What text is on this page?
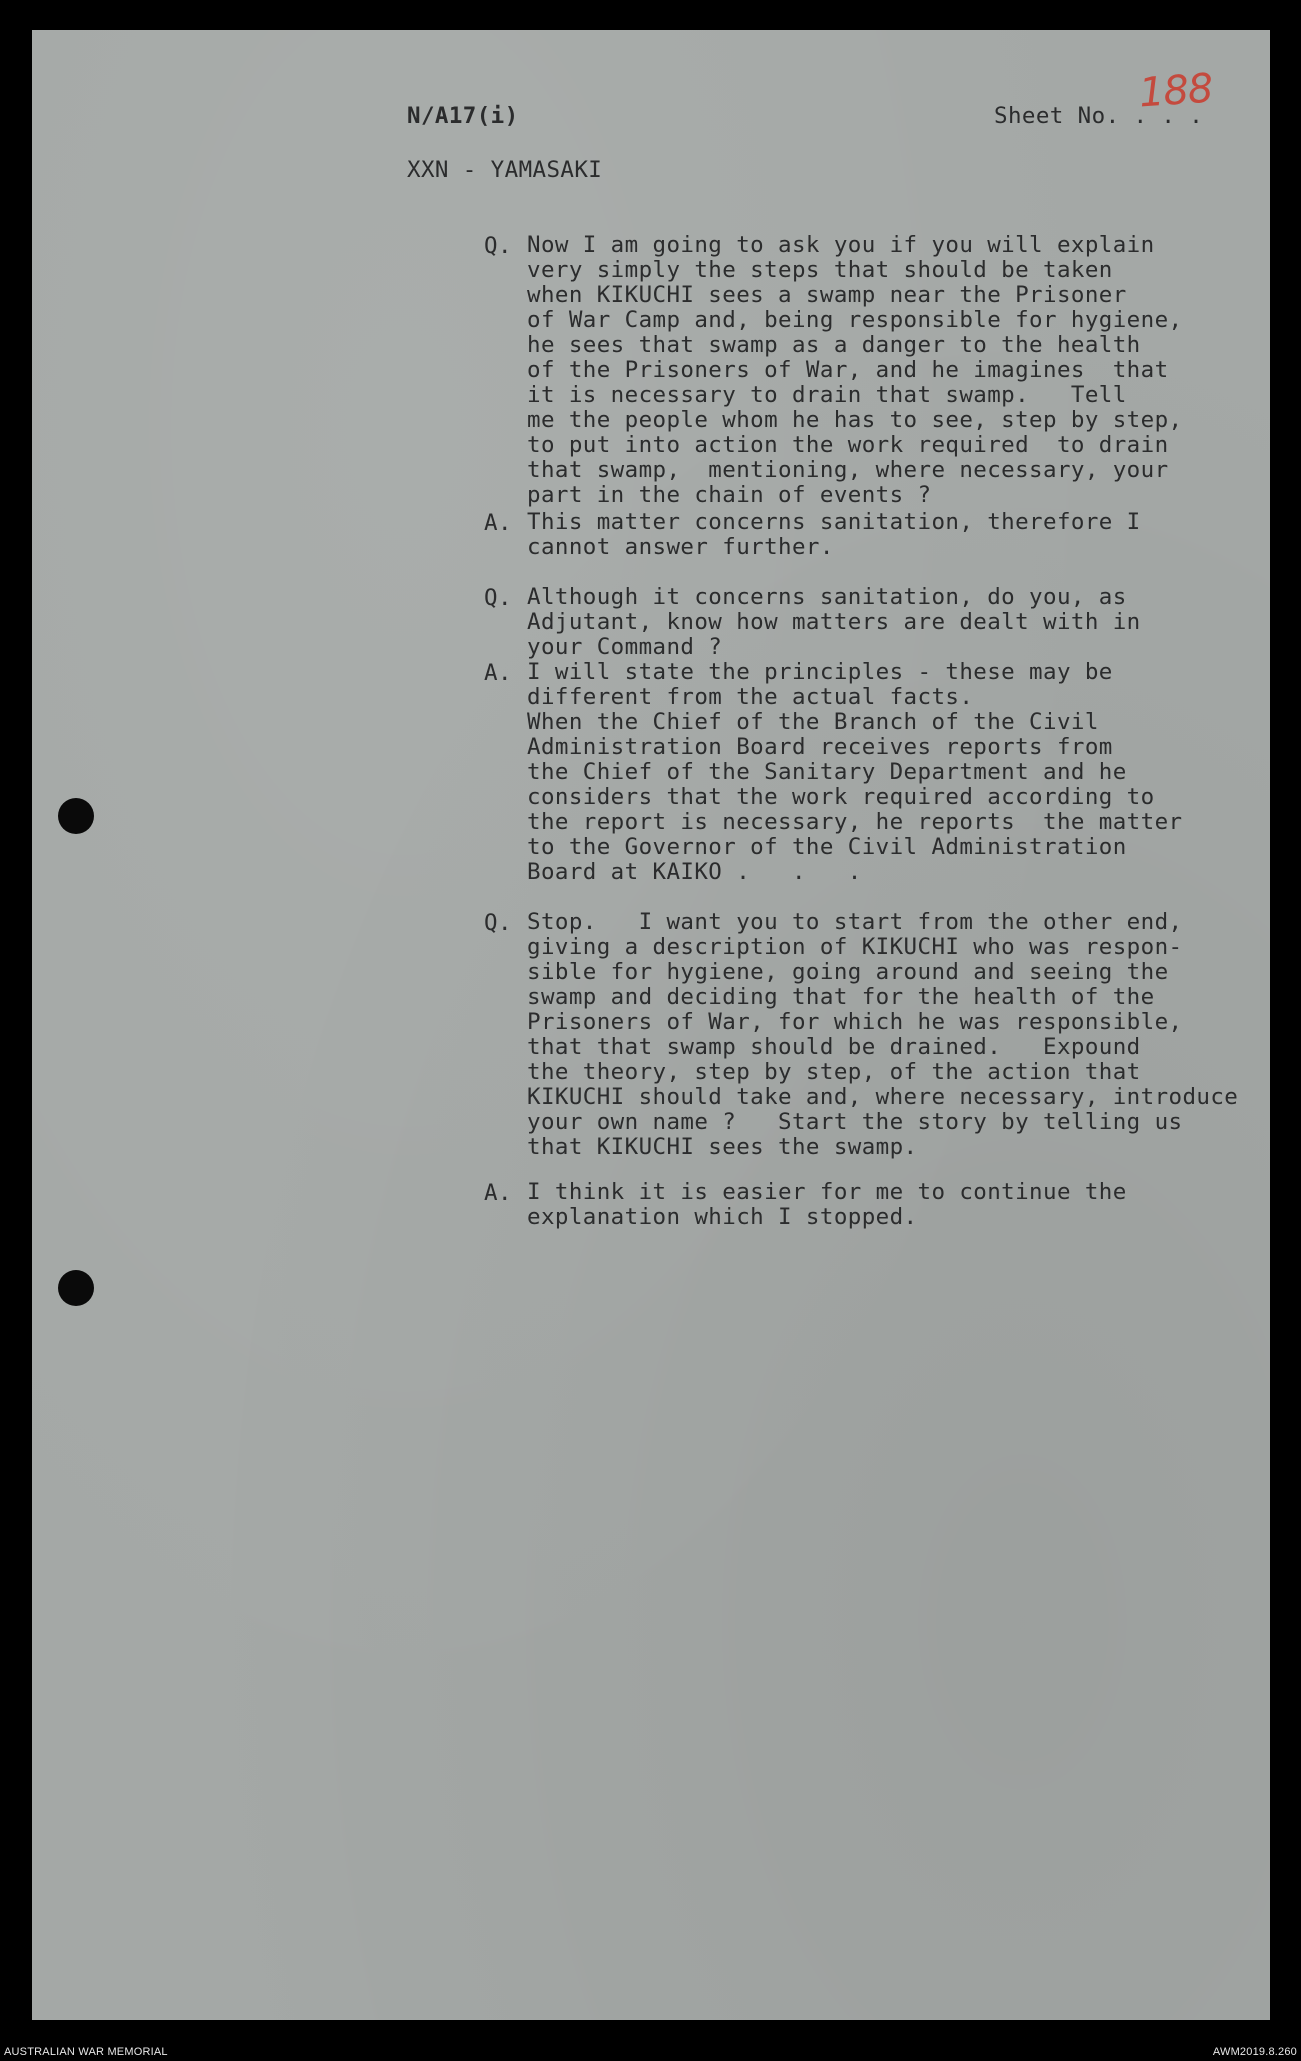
N/A17(i)	Sheet No. . . .
188
XXN - YAMASAKI
Q. Now I am going to ask you if you will explain
very simply the steps that should be taken
when KIKUCHI sees a swamp near the Prisoner
of War Camp and, being responsible for hygiene,
he sees that swamp as a danger to the health
of the Prisoners of War, and he imagines  that
it is necessary to drain that swamp.   Tell
me the people whom he has to see, step by step,
to put into action the work required  to drain
that swamp,  mentioning, where necessary, your
part in the chain of events ?
A. This matter concerns sanitation, therefore I
cannot answer further.
Q. Although it concerns sanitation, do you, as
Adjutant, know how matters are dealt with in
your Command ?
A. I will state the principles - these may be
different from the actual facts.
When the Chief of the Branch of the Civil
Administration Board receives reports from
the Chief of the Sanitary Department and he
considers that the work required according to
the report is necessary, he reports  the matter
to the Governor of the Civil Administration
Board at KAIKO .   .   .
Q. Stop.   I want you to start from the other end,
giving a description of KIKUCHI who was respon-
sible for hygiene, going around and seeing the
swamp and deciding that for the health of the
Prisoners of War, for which he was responsible,
that that swamp should be drained.   Expound
the theory, step by step, of the action that
KIKUCHI should take and, where necessary, introduce
your own name ?   Start the story by telling us
that KIKUCHI sees the swamp.
A. I think it is easier for me to continue the
explanation which I stopped.
AUSTRALIAN WAR MEMORIAL	AWM2019.8.260
